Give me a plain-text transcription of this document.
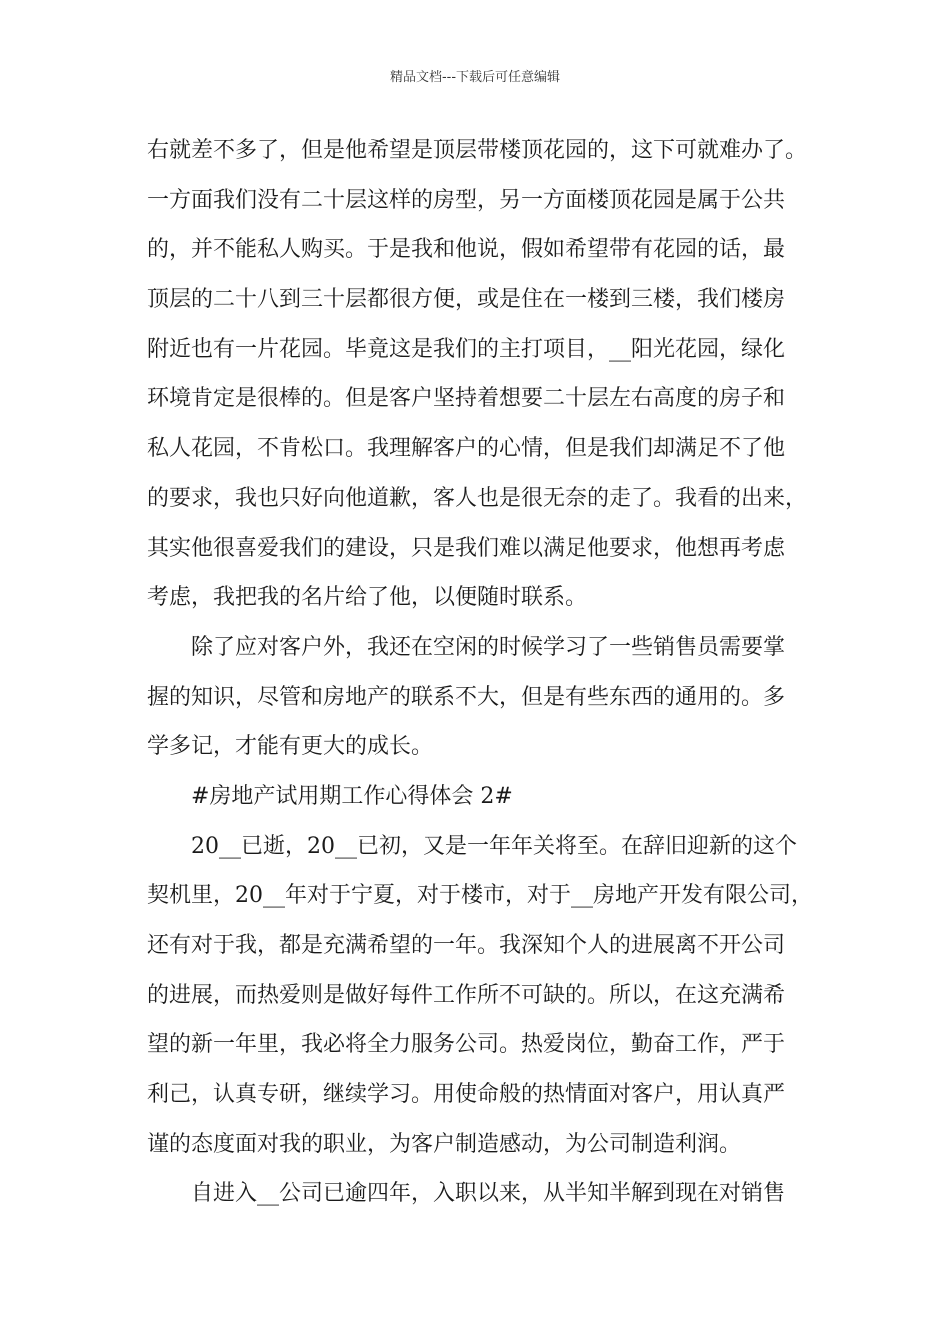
精品文档---下载后可任意编辑
右就差不多了，但是他希望是顶层带楼顶花园的，这下可就难办了。
一方面我们没有二十层这样的房型，另一方面楼顶花园是属于公共
的，并不能私人购买。于是我和他说，假如希望带有花园的话，最
顶层的二十八到三十层都很方便，或是住在一楼到三楼，我们楼房
附近也有一片花园。毕竟这是我们的主打项目，__阳光花园，绿化
环境肯定是很棒的。但是客户坚持着想要二十层左右高度的房子和
私人花园，不肯松口。我理解客户的心情，但是我们却满足不了他
的要求，我也只好向他道歉，客人也是很无奈的走了。我看的出来，
其实他很喜爱我们的建设，只是我们难以满足他要求，他想再考虑
考虑，我把我的名片给了他，以便随时联系。
除了应对客户外，我还在空闲的时候学习了一些销售员需要掌
握的知识，尽管和房地产的联系不大，但是有些东西的通用的。多
学多记，才能有更大的成长。
#房地产试用期工作心得体会 2#
20__已逝，20__已初，又是一年年关将至。在辞旧迎新的这个
契机里，20__年对于宁夏，对于楼市，对于__房地产开发有限公司，
还有对于我，都是充满希望的一年。我深知个人的进展离不开公司
的进展，而热爱则是做好每件工作所不可缺的。所以，在这充满希
望的新一年里，我必将全力服务公司。热爱岗位，勤奋工作，严于
利己，认真专研，继续学习。用使命般的热情面对客户，用认真严
谨的态度面对我的职业，为客户制造感动，为公司制造利润。
自进入__公司已逾四年，入职以来，从半知半解到现在对销售
